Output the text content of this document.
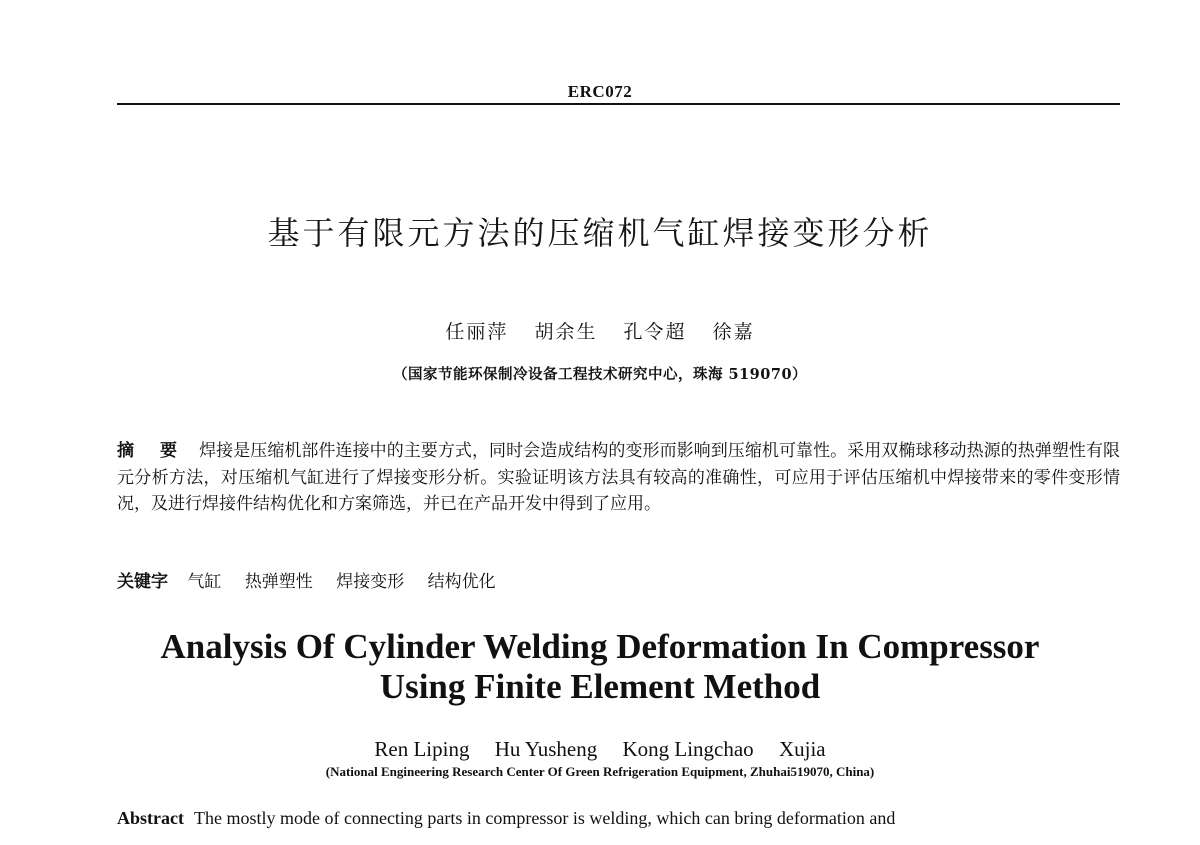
ERC072
基于有限元方法的压缩机气缸焊接变形分析
任丽萍 胡余生 孔令超 徐嘉
（国家节能环保制冷设备工程技术研究中心，珠海 519070）
摘 要 焊接是压缩机部件连接中的主要方式，同时会造成结构的变形而影响到压缩机可靠性。采用双椭球移动热源的热弹塑性有限元分析方法，对压缩机气缸进行了焊接变形分析。实验证明该方法具有较高的准确性，可应用于评估压缩机中焊接带来的零件变形情况，及进行焊接件结构优化和方案筛选，并已在产品开发中得到了应用。
关键字 气缸 热弹塑性 焊接变形 结构优化
Analysis Of Cylinder Welding Deformation In Compressor
Using Finite Element Method
Ren Liping Hu Yusheng Kong Lingchao Xujia
(National Engineering Research Center Of Green Refrigeration Equipment, Zhuhai519070, China)
Abstract The mostly mode of connecting parts in compressor is welding, which can bring deformation and
